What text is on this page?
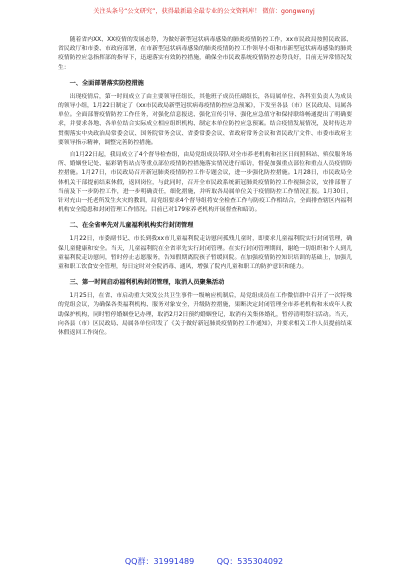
关注头条号“公文研究”，获得最新最全最专业的公文资料库！ 微信：gongwenyj

随着省内XX、XX疫情的发展态势，为做好新型冠状病毒感染的肺炎疫情防控工作，xx市民政局按照民政部、省民政厅和市委、市政府部署，在市新型冠状病毒感染的肺炎疫情防控工作领导小组和市新型冠状病毒感染的肺炎疫情防控应急指挥部的指导下，迅速落实有效防控措施，确保全市民政系统疫情防控态势良好，目前无异常情况发生：

一、全面部署落实防控措施

出现疫情后，第一时间成立了由主要领导任组长，其他班子成员任副组长，各局属单位、各科室负责人为成员的领导小组，1月22日制定了《xx市民政局新型冠状病毒疫情防控应急预案》，下发至各县（市）区民政局、局属各单位。全面部署疫情防控工作任务，对强化信息报送、强化宣传引导、强化应急值守和保持联络畅通提出了明确要求，并要求各地、各单位结合实际成立相应组织机构、制定本单位防控应急预案。结合疫情发展情况，及时传达并贯彻落实中央政治局常委会议、国务院常务会议、省委常委会议、省政府常务会议和省民政厅文件、市委市政府主要领导指示精神，调整完善防控措施。

自1月22日起，我局成立了4个督导检查组，由局党组成员带队对全市养老机构和社区日间照料站、殡仪服务场所、婚姻登记处、福彩销售站点等重点部位疫情防控措施落实情况进行暗访，督促加强重点部位和重点人员疫情防控措施。1月27日，市民政局召开新冠肺炎疫情防控工作专题会议，进一步强化防控措施。1月28日，市民政局全体机关干部提前结束休假，返回岗位，与此同时，召开全市民政系统新冠肺炎疫情防控工作视频会议，安排部署了当前及下一步防控工作，进一步明确责任，细化措施，并听取各局属单位关于疫情防控工作情况汇报。1月30日，针对充山一托老所发生火灾的教训，局党组要求4个督导组将安全检查工作与防疫工作相结合，全面排查辖区内福利机构安全隐患和封闭管理工作情况。目前已对179家养老机构开展督查和暗访。

二、在全省率先对儿童福利机构实行封闭管理

1月22日，市委副书记、市长到我xx市儿童福利院走访慰问孤残儿童时，即要求儿童福利院实行封闭管理，确保儿童健康和安全。当天，儿童福利院在全省率先实行封闭管理。在实行封闭管理期间，谢绝一切组织和个人到儿童福利院走访慰问，暂时停止志愿服务，告知假期离院孩子暂缓回院。在加强疫情防控知识培训的基础上，加强儿童和职工饮食安全管理，每日定时对全院消毒、通风，增强了院内儿童和职工的防护意识和能力。

三、第一时间启动福利机构封闭管理，取消人员聚集活动

1月25日，在省、市启动重大突发公共卫生事件一级响应机制后，局党组成员在工作微信群中召开了一次特殊的党组会议，为确保各类福利机构、服务对象安全，升级防控措施，果断决定封闭管理全市养老机构和未成年人救助保护机构，同时暂停婚姻登记办理，取消2月2日预约婚姻登记，取消有关集体婚礼，暂停清明祭扫活动。当天，向各县（市）区民政局、局属各单位印发了《关于做好新冠肺炎疫情防控工作通知》，并要求相关工作人员提前结束休假返回工作岗位。

QQ群：31991489	QQ：535304092
